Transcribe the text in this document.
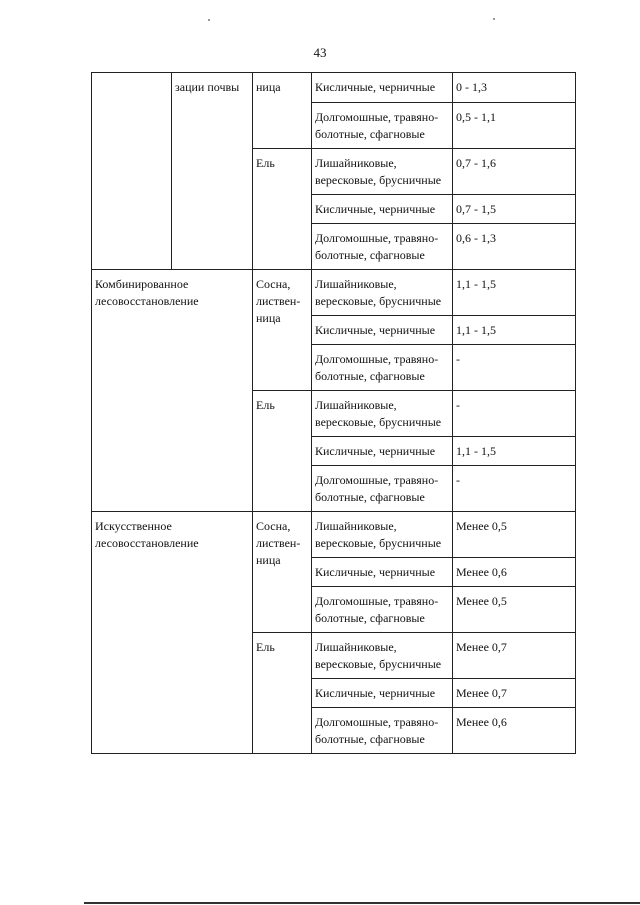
43
	зации почвы	ница	Кисличные, черничные	0 - 1,3
			Долгомошные, травяно-болотные, сфагновые	0,5 - 1,1
		Ель	Лишайниковые, вересковые, брусничные	0,7 - 1,6
			Кисличные, черничные	0,7 - 1,5
			Долгомошные, травяно-болотные, сфагновые	0,6 - 1,3
Комбинированное лесовосстановление		Сосна, листвен-ница	Лишайниковые, вересковые, брусничные	1,1 - 1,5
			Кисличные, черничные	1,1 - 1,5
			Долгомошные, травяно-болотные, сфагновые	-
		Ель	Лишайниковые, вересковые, брусничные	-
			Кисличные, черничные	1,1 - 1,5
			Долгомошные, травяно-болотные, сфагновые	-
Искусственное лесовосстановление		Сосна, листвен-ница	Лишайниковые, вересковые, брусничные	Менее 0,5
			Кисличные, черничные	Менее 0,6
			Долгомошные, травяно-болотные, сфагновые	Менее 0,5
		Ель	Лишайниковые, вересковые, брусничные	Менее 0,7
			Кисличные, черничные	Менее 0,7
			Долгомошные, травяно-болотные, сфагновые	Менее 0,6
